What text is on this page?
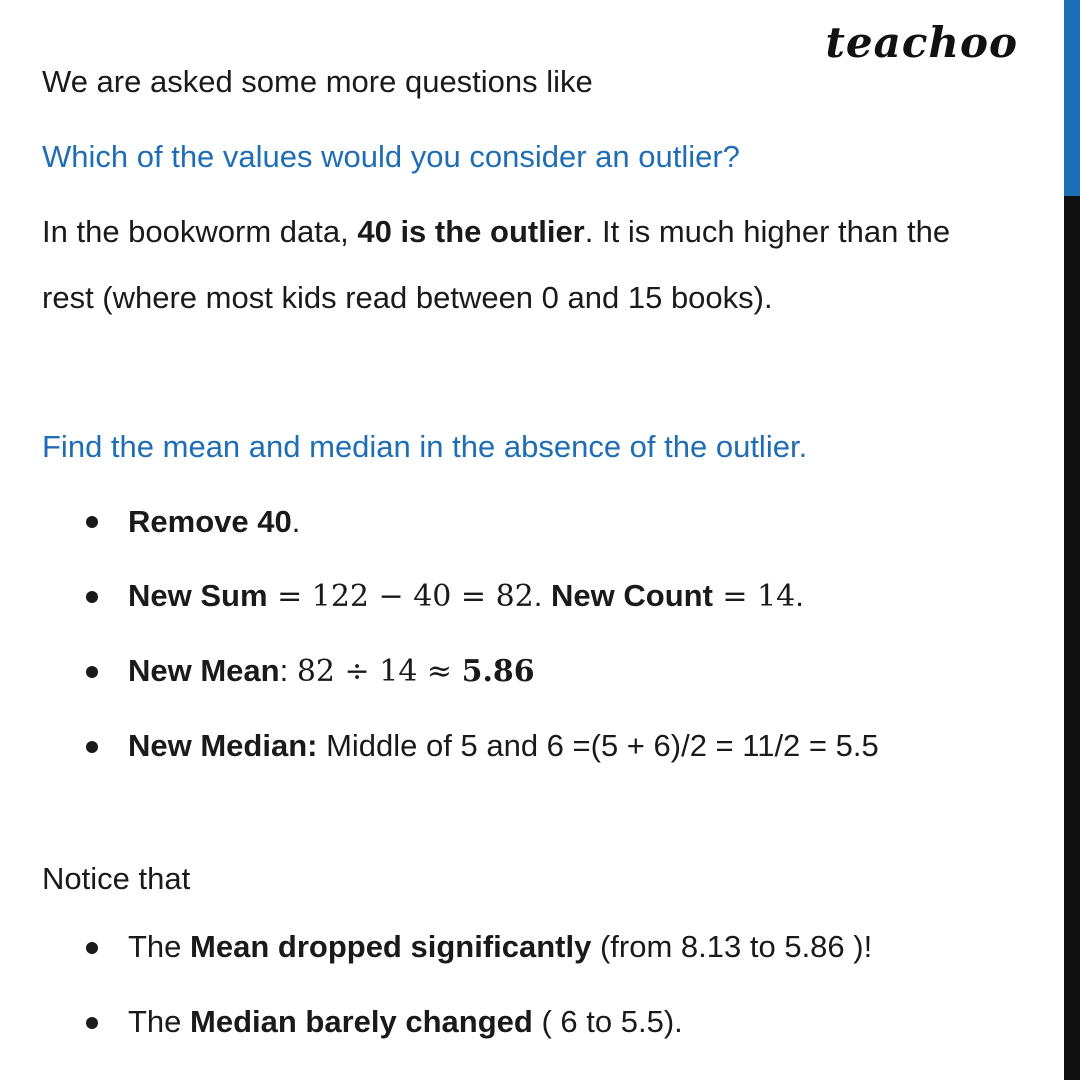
teachoo
We are asked some more questions like
Which of the values would you consider an outlier?
In the bookworm data, 40 is the outlier. It is much higher than the
rest (where most kids read between 0 and 15 books).
Find the mean and median in the absence of the outlier.
Remove 40.
New Sum = 122 − 40 = 82. New Count = 14.
New Mean: 82 ÷ 14 ≈ 5.86
New Median: Middle of 5 and 6 =(5 + 6)/2 = 11/2 = 5.5
Notice that
The Mean dropped significantly (from 8.13 to 5.86 )!
The Median barely changed ( 6 to 5.5).
